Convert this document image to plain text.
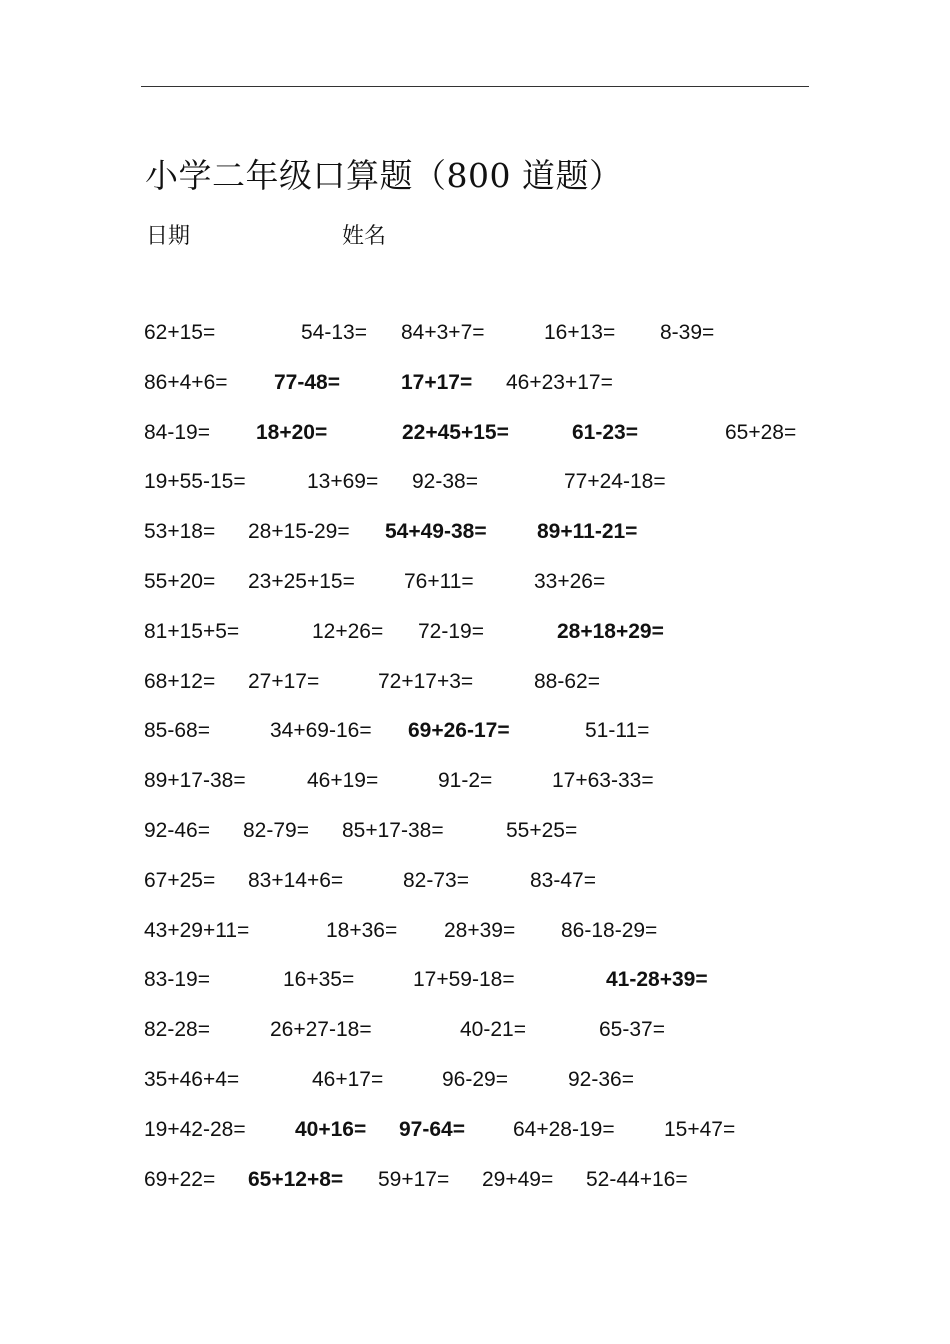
小学二年级口算题（800 道题）
日期	姓名
62+15=	54-13= 84+3+7=	16+13= 8-39=
86+4+6= 77-48=	17+17= 46+23+17=
84-19= 18+20=	22+45+15=	61-23=	65+28=
19+55-15=	13+69= 92-38=	77+24-18=
53+18= 28+15-29= 54+49-38= 89+11-21=
55+20= 23+25+15= 76+11=	33+26=
81+15+5=	12+26= 72-19=	28+18+29=
68+12= 27+17=	72+17+3=	88-62=
85-68=	34+69-16= 69+26-17=	51-11=
89+17-38=	46+19=	91-2=	17+63-33=
92-46= 82-79= 85+17-38=	55+25=
67+25= 83+14+6=	82-73=	83-47=
43+29+11=	18+36= 28+39= 86-18-29=
83-19=	16+35=	17+59-18=	41-28+39=
82-28=	26+27-18=	40-21=	65-37=
35+46+4=	46+17=	96-29=	92-36=
19+42-28= 40+16= 97-64= 64+28-19= 15+47=
69+22= 65+12+8= 59+17= 29+49= 52-44+16=
